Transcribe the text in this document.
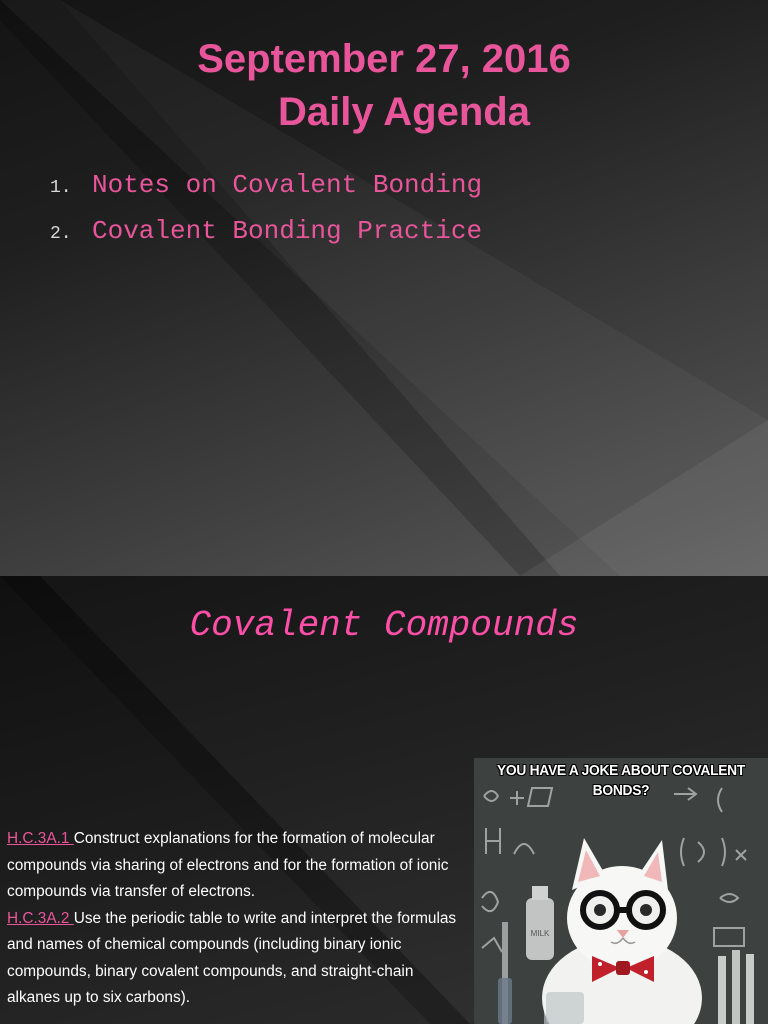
September 27, 2016
Daily Agenda
1. Notes on Covalent Bonding
2. Covalent Bonding Practice
Covalent Compounds
H.C.3A.1 Construct explanations for the formation of molecular compounds via sharing of electrons and for the formation of ionic compounds via transfer of electrons.
H.C.3A.2 Use the periodic table to write and interpret the formulas and names of chemical compounds (including binary ionic compounds, binary covalent compounds, and straight-chain alkanes up to six carbons).
MILK
YOU HAVE A JOKE ABOUT COVALENT
BONDS?
